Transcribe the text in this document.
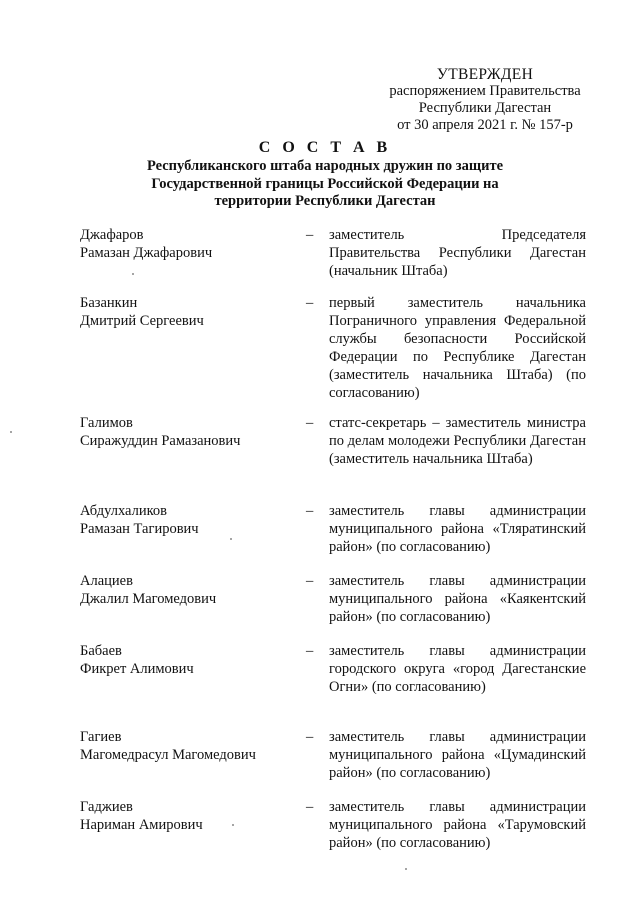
УТВЕРЖДЕН
распоряжением Правительства
Республики Дагестан
от 30 апреля 2021 г. № 157-р
С О С Т А В
Республиканского штаба народных дружин по защите
Государственной границы Российской Федерации на
территории Республики Дагестан
Джафаров
Рамазан Джафарович
–	заместитель Председателя Правительства Республики Дагестан (начальник Штаба)
Базанкин
Дмитрий Сергеевич
–	первый заместитель начальника Пограничного управления Федеральной службы безопасности Российской Федерации по Республике Дагестан (заместитель начальника Штаба) (по согласованию)
Галимов
Сиражуддин Рамазанович
–	статс-секретарь – заместитель министра по делам молодежи Республики Дагестан (заместитель начальника Штаба)
Абдулхаликов
Рамазан Тагирович
–	заместитель главы администрации муниципального района «Тляратинский район» (по согласованию)
Алациев
Джалил Магомедович
–	заместитель главы администрации муниципального района «Каякентский район» (по согласованию)
Бабаев
Фикрет Алимович
–	заместитель главы администрации городского округа «город Дагестанские Огни» (по согласованию)
Гагиев
Магомедрасул Магомедович
–	заместитель главы администрации муниципального района «Цумадинский район» (по согласованию)
Гаджиев
Нариман Амирович
–	заместитель главы администрации муниципального района «Тарумовский район» (по согласованию)
